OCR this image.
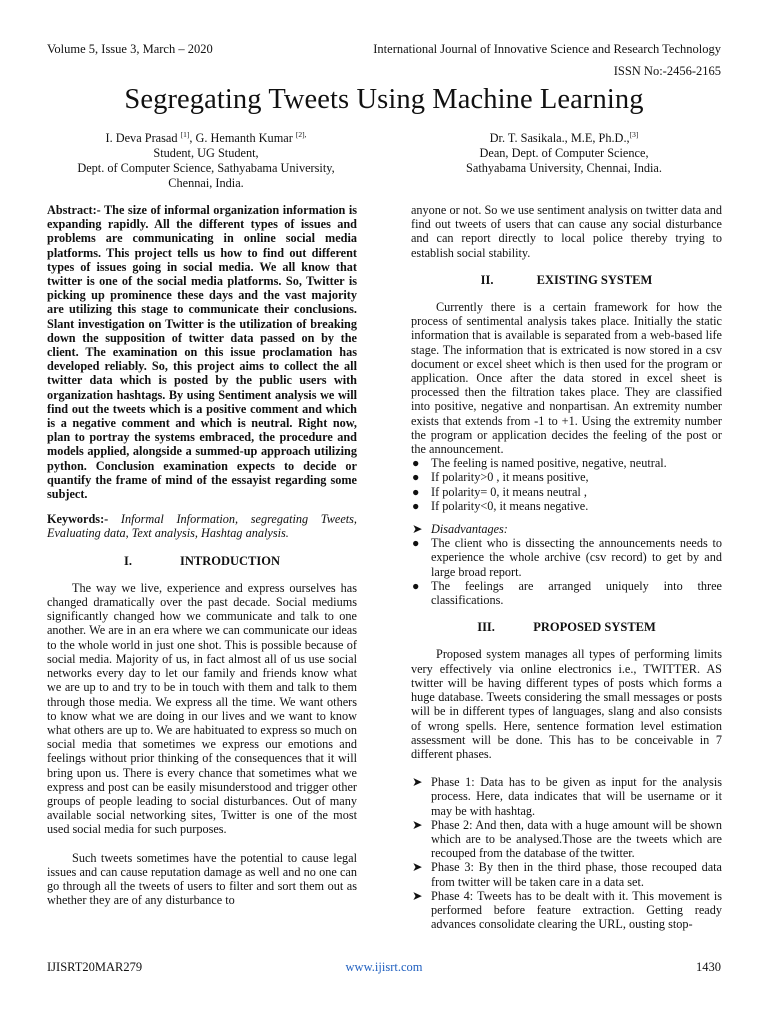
Volume 5, Issue 3, March – 2020	International Journal of Innovative Science and Research Technology
ISSN No:-2456-2165
Segregating Tweets Using Machine Learning
I. Deva Prasad [1], G. Hemanth Kumar $^{[2],}$
Student, UG Student,
Dept. of Computer Science, Sathyabama University,
Chennai, India.
Dr. T. Sasikala., M.E, Ph.D.,[3]
Dean, Dept. of Computer Science,
Sathyabama University, Chennai, India.

Abstract:- The size of informal organization information is expanding rapidly. All the different types of issues and problems are communicating in online social media platforms. This project tells us how to find out different types of issues going in social media. We all know that twitter is one of the social media platforms. So, Twitter is picking up prominence these days and the vast majority are utilizing this stage to communicate their conclusions. Slant investigation on Twitter is the utilization of breaking down the supposition of twitter data passed on by the client. The examination on this issue proclamation has developed reliably. So, this project aims to collect the all twitter data which is posted by the public users with organization hashtags. By using Sentiment analysis we will find out the tweets which is a positive comment and which is a negative comment and which is neutral. Right now, plan to portray the systems embraced, the procedure and models applied, alongside a summed-up approach utilizing python. Conclusion examination expects to decide or quantify the frame of mind of the essayist regarding some subject.

Keywords:- Informal Information, segregating Tweets, Evaluating data, Text analysis, Hashtag analysis.

I.	INTRODUCTION

The way we live, experience and express ourselves has changed dramatically over the past decade. Social mediums significantly changed how we communicate and talk to one another. We are in an era where we can communicate our ideas to the whole world in just one shot. This is possible because of social media. Majority of us, in fact almost all of us use social networks every day to let our family and friends know what we are up to and try to be in touch with them and talk to them through those media. We express all the time. We want others to know what we are doing in our lives and we want to know what others are up to. We are habituated to express so much on social media that sometimes we express our emotions and feelings without prior thinking of the consequences that it will bring upon us. There is every chance that sometimes what we express and post can be easily misunderstood and trigger other groups of people leading to social disturbances. Out of many available social networking sites, Twitter is one of the most used social media for such purposes.

Such tweets sometimes have the potential to cause legal issues and can cause reputation damage as well and no one can go through all the tweets of users to filter and sort them out as whether they are of any disturbance to

anyone or not. So we use sentiment analysis on twitter data and find out tweets of users that can cause any social disturbance and can report directly to local police thereby trying to establish social stability.

II.	EXISTING SYSTEM

Currently there is a certain framework for how the process of sentimental analysis takes place. Initially the static information that is available is separated from a web-based life stage. The information that is extricated is now stored in a csv document or excel sheet which is then used for the program or application. Once after the data stored in excel sheet is processed then the filtration takes place. They are classified into positive, negative and nonpartisan. An extremity number exists that extends from -1 to +1. Using the extremity number the program or application decides the feeling of the post or the announcement.

● The feeling is named positive, negative, neutral.
● If polarity>0 , it means positive,
● If polarity= 0, it means neutral ,
● If polarity<0, it means negative.
➤ Disadvantages:
● The client who is dissecting the announcements needs to experience the whole archive (csv record) to get by and large broad report.
● The feelings are arranged uniquely into three classifications.

III.	PROPOSED SYSTEM

Proposed system manages all types of performing limits very effectively via online electronics i.e., TWITTER. AS twitter will be having different types of posts which forms a huge database. Tweets considering the small messages or posts will be in different types of languages, slang and also consists of wrong spells. Here, sentence formation level estimation assessment will be done. This has to be conceivable in 7 different phases.

➤ Phase 1: Data has to be given as input for the analysis process. Here, data indicates that will be username or it may be with hashtag.
➤ Phase 2: And then, data with a huge amount will be shown which are to be analysed.Those are the tweets which are recouped from the database of the twitter.
➤ Phase 3: By then in the third phase, those recouped data from twitter will be taken care in a data set.
➤ Phase 4: Tweets has to be dealt with it. This movement is performed before feature extraction. Getting ready advances consolidate clearing the URL, ousting stop-
IJISRT20MAR279	www.ijisrt.com	1430
